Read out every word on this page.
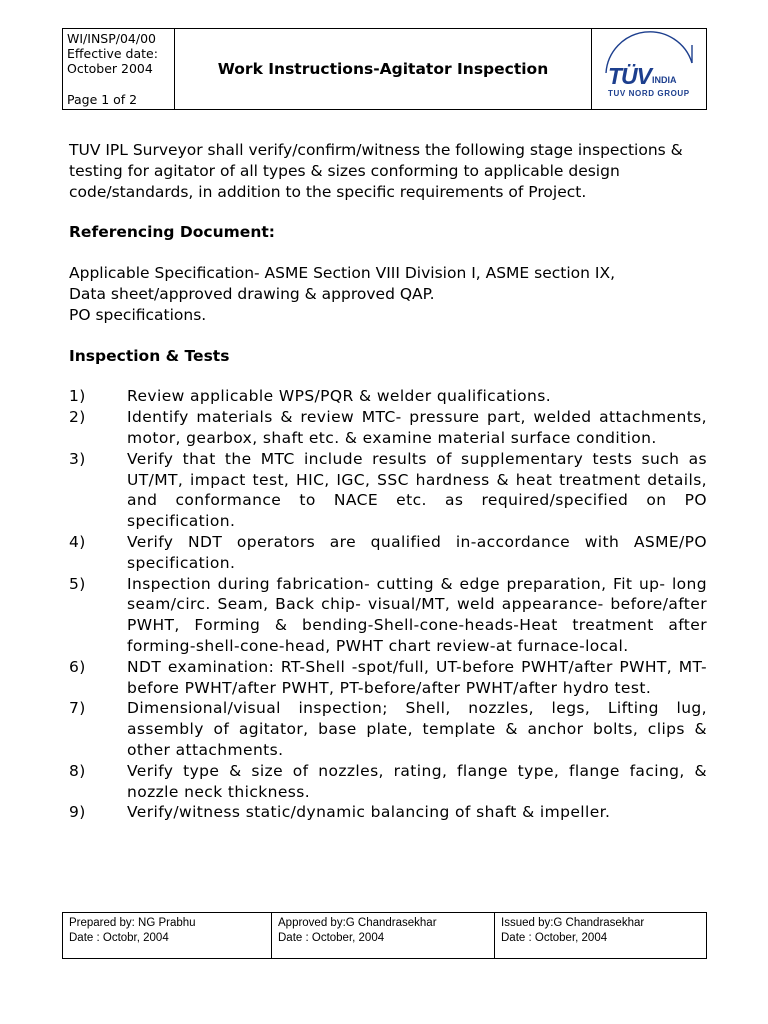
WI/INSP/04/00
Effective date:
October 2004
Page 1 of 2
Work Instructions-Agitator Inspection	TÜV INDIA
TUV NORD GROUP

TUV IPL Surveyor shall verify/confirm/witness the following stage inspections & testing for agitator of all types & sizes conforming to applicable design code/standards, in addition to the specific requirements of Project.

Referencing Document:

Applicable Specification- ASME Section VIII Division I, ASME section IX,

Data sheet/approved drawing & approved QAP.

PO specifications.

Inspection & Tests

1)	Review applicable WPS/PQR & welder qualifications.
2)	Identify materials & review MTC- pressure part, welded attachments, motor, gearbox, shaft etc. & examine material surface condition.
3)	Verify that the MTC include results of supplementary tests such as UT/MT, impact test, HIC, IGC, SSC hardness & heat treatment details, and conformance to NACE etc. as required/specified on PO specification.
4)	Verify NDT operators are qualified in-accordance with ASME/PO specification.
5)	Inspection during fabrication- cutting & edge preparation, Fit up- long seam/circ. Seam, Back chip- visual/MT, weld appearance- before/after PWHT, Forming & bending-Shell-cone-heads-Heat treatment after forming-shell-cone-head, PWHT chart review-at furnace-local.
6)	NDT examination: RT-Shell -spot/full, UT-before PWHT/after PWHT, MT-before PWHT/after PWHT, PT-before/after PWHT/after hydro test.
7)	Dimensional/visual inspection; Shell, nozzles, legs, Lifting lug, assembly of agitator, base plate, template & anchor bolts, clips & other attachments.
8)	Verify type & size of nozzles, rating, flange type, flange facing, & nozzle neck thickness.
9)	Verify/witness static/dynamic balancing of shaft & impeller.
Prepared by: NG Prabhu
Date : Octobr, 2004
Approved by:G Chandrasekhar
Date : October, 2004
Issued by:G Chandrasekhar
Date : October, 2004
